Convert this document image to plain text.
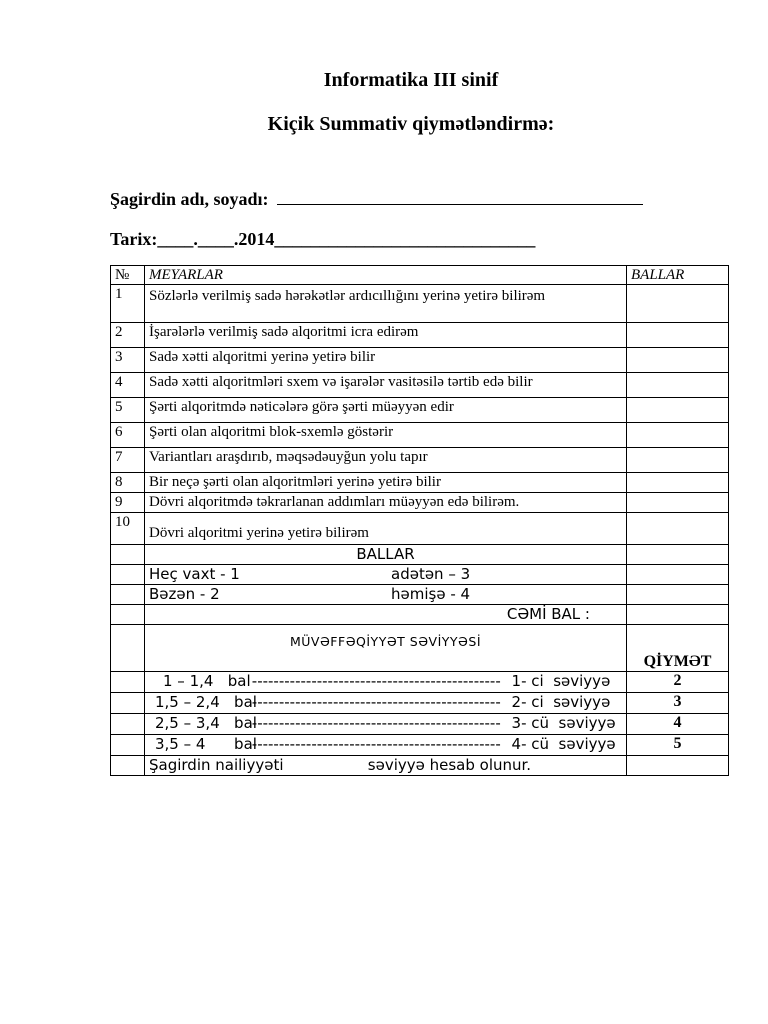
Informatika III sinif
Kiçik Summativ qiymətləndirmə:
Şagirdin adı, soyadı:
Tarix:____.____.2014_____________________________
№	MEYARLAR	BALLAR
1	Sözlərlə verilmiş sadə hərəkətlər ardıcıllığını yerinə yetirə bilirəm	
2	İşarələrlə verilmiş sadə alqoritmi icra edirəm	
3	Sadə xətti alqoritmi yerinə yetirə bilir	
4	Sadə xətti alqoritmləri sxem və işarələr vasitəsilə tərtib edə bilir	
5	Şərti alqoritmdə nəticələrə görə şərti müəyyən edir	
6	Şərti olan alqoritmi blok-sxemlə göstərir	
7	Variantları araşdırıb, məqsədəuyğun yolu tapır	
8	Bir neçə şərti olan alqoritmləri yerinə yetirə bilir	
9	Dövri alqoritmdə təkrarlanan addımları müəyyən edə bilirəm.	
10	Dövri alqoritmi yerinə yetirə bilirəm	
	BALLAR	

	Heç vaxt - 1 adətən – 3	

	Bəzən - 2 həmişə - 4	

	CƏMİ BAL :	
	MÜVƏFFƏQİYYƏT SƏVİYYƏSİ	QİYMƏT
	1 – 1,4   bal ---------------------------------------------- 1- ci  səviyyə	2
	1,5 – 2,4   bal ---------------------------------------------- 2- ci  səviyyə	3
	2,5 – 3,4   bal ---------------------------------------------- 3- cü  səviyyə	4
	3,5 – 4      bal ---------------------------------------------- 4- cü  səviyyə	5
	Şagirdin nailiyyəti səviyyə hesab olunur.	
